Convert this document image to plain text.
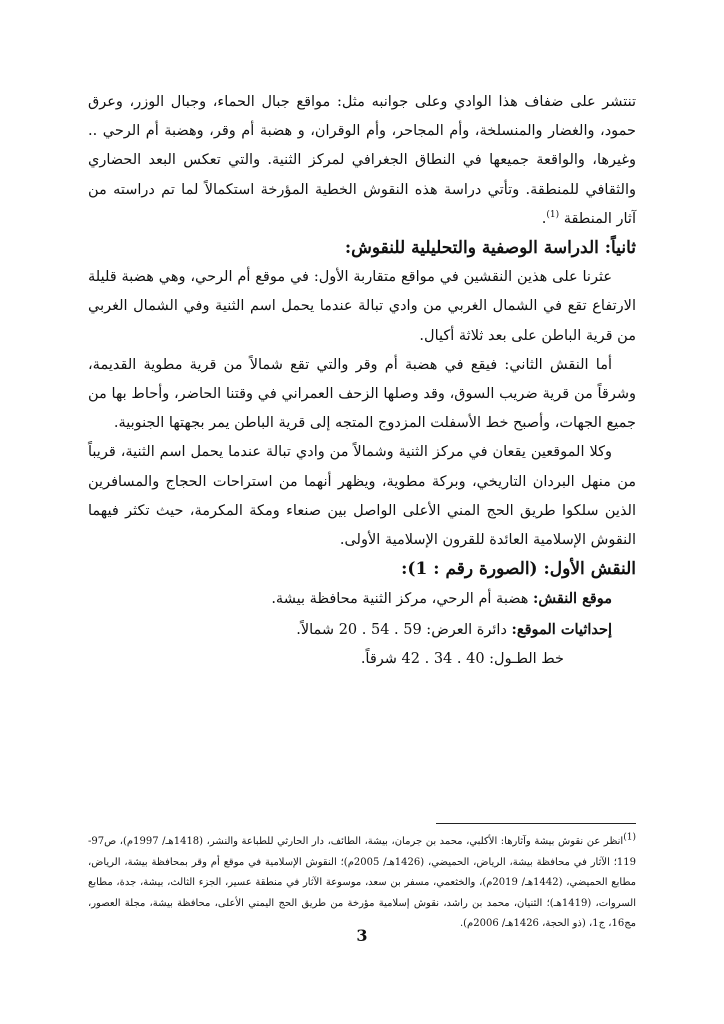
تنتشر على ضفاف هذا الوادي وعلى جوانبه مثل: مواقع جبال الحماء، وجبال الوزر، وعرق حمود، والغضار والمنسلخة، وأم المجاحر، وأم الوقران، و هضبة أم وقر، وهضبة أم الرحي .. وغيرها، والواقعة جميعها في النطاق الجغرافي لمركز الثنية. والتي تعكس البعد الحضاري والثقافي للمنطقة. وتأتي دراسة هذه النقوش الخطية المؤرخة استكمالاً لما تم دراسته من آثار المنطقة $^{(1)}$.

ثانياً: الدراسة الوصفية والتحليلية للنقوش:

عثرنا على هذين النقشين في مواقع متقاربة الأول: في موقع أم الرحي، وهي هضبة قليلة الارتفاع تقع في الشمال الغربي من وادي تبالة عندما يحمل اسم الثنية وفي الشمال الغربي من قرية الباطن على بعد ثلاثة أكيال.

أما النقش الثاني: فيقع في هضبة أم وقر والتي تقع شمالاً من قرية مطوية القديمة، وشرقاً من قرية ضريب السوق، وقد وصلها الزحف العمراني في وقتنا الحاضر، وأحاط بها من جميع الجهات، وأصبح خط الأسفلت المزدوج المتجه إلى قرية الباطن يمر بجهتها الجنوبية.

وكلا الموقعين يقعان في مركز الثنية وشمالاً من وادي تبالة عندما يحمل اسم الثنية، قريباً من منهل البردان التاريخي، وبركة مطوية، ويظهر أنهما من استراحات الحجاج والمسافرين الذين سلكوا طريق الحج المني الأعلى الواصل بين صنعاء ومكة المكرمة، حيث تكثر فيهما النقوش الإسلامية العائدة للقرون الإسلامية الأولى.

النقش الأول: (الصورة رقم : 1):

موقع النقش: هضبة أم الرحي، مركز الثنية محافظة بيشة.

إحداثيات الموقع: دائرة العرض: 59 . 54 . 20 شمالاً.

خط الطـول: 40 . 34 . 42 شرقاً.

(1)انظر عن نقوش بيشة وآثارها: الأكلبي، محمد بن جرمان، بيشة، الطائف، دار الحارثي للطباعة والنشر، (1418هـ/ 1997م)، ص97- 119؛ الآثار في محافظة بيشة، الرياض، الحميضي، (1426هـ/ 2005م)؛ النقوش الإسلامية في موقع أم وقر بمحافظة بيشة، الرياض، مطابع الحميضي، (1442هـ/ 2019م)، والخثعمي، مسفر بن سعد، موسوعة الآثار في منطقة عسير، الجزء الثالث، بيشة، جدة، مطابع السروات، (1419هـ)؛ الثنيان، محمد بن راشد، نقوش إسلامية مؤرخة من طريق الحج اليمني الأعلى، محافظة بيشة، مجلة العصور، مج16، ج1، (ذو الحجة، 1426هـ/ 2006م).

3
